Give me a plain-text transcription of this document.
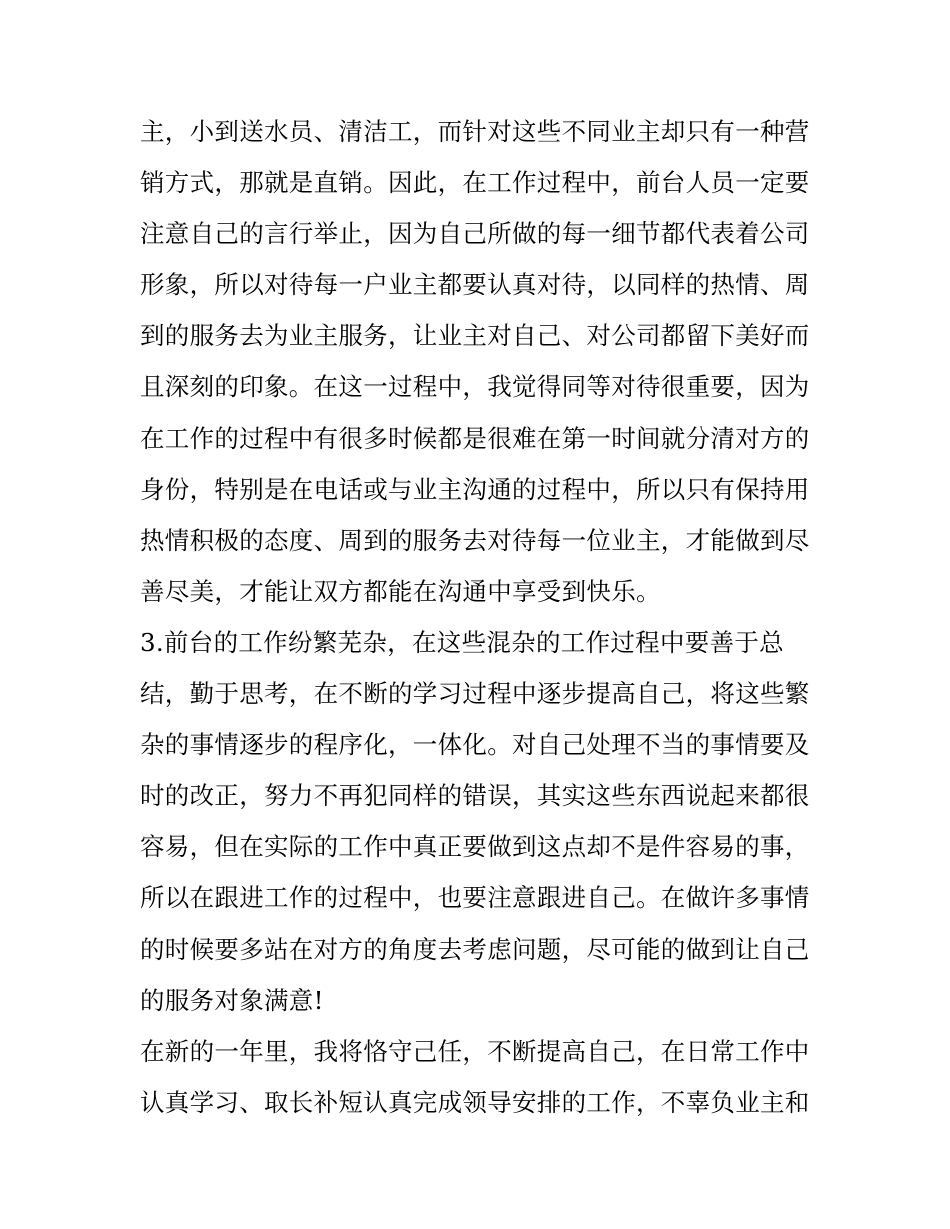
主，小到送水员、清洁工，而针对这些不同业主却只有一种营
销方式，那就是直销。因此，在工作过程中，前台人员一定要
注意自己的言行举止，因为自己所做的每一细节都代表着公司
形象，所以对待每一户业主都要认真对待，以同样的热情、周
到的服务去为业主服务，让业主对自己、对公司都留下美好而
且深刻的印象。在这一过程中，我觉得同等对待很重要，因为
在工作的过程中有很多时候都是很难在第一时间就分清对方的
身份，特别是在电话或与业主沟通的过程中，所以只有保持用
热情积极的态度、周到的服务去对待每一位业主，才能做到尽
善尽美，才能让双方都能在沟通中享受到快乐。
3.前台的工作纷繁芜杂，在这些混杂的工作过程中要善于总
结，勤于思考，在不断的学习过程中逐步提高自己，将这些繁
杂的事情逐步的程序化，一体化。对自己处理不当的事情要及
时的改正，努力不再犯同样的错误，其实这些东西说起来都很
容易，但在实际的工作中真正要做到这点却不是件容易的事，
所以在跟进工作的过程中，也要注意跟进自己。在做许多事情
的时候要多站在对方的角度去考虑问题，尽可能的做到让自己
的服务对象满意!
在新的一年里，我将恪守己任，不断提高自己，在日常工作中
认真学习、取长补短认真完成领导安排的工作，不辜负业主和
